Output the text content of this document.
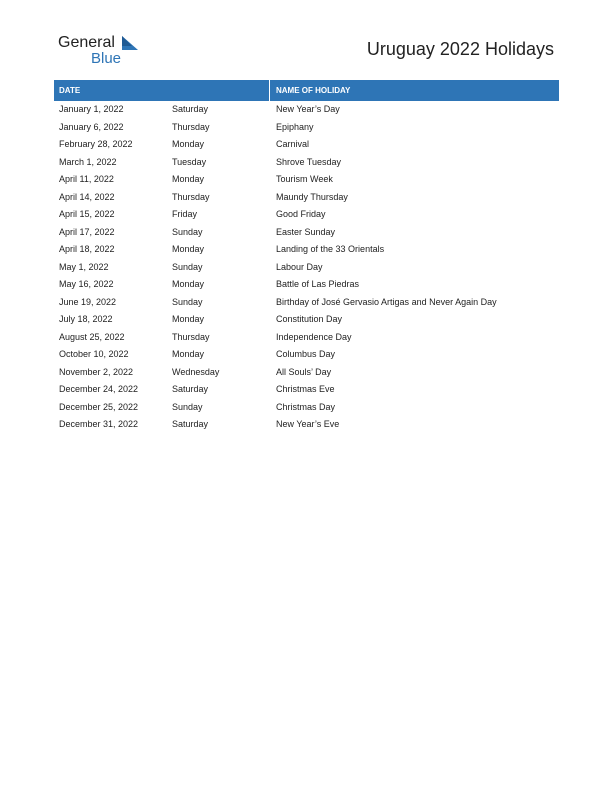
General
Blue	Uruguay 2022 Holidays
DATE	NAME OF HOLIDAY
January 1, 2022	Saturday	New Year’s Day
January 6, 2022	Thursday	Epiphany
February 28, 2022	Monday	Carnival
March 1, 2022	Tuesday	Shrove Tuesday
April 11, 2022	Monday	Tourism Week
April 14, 2022	Thursday	Maundy Thursday
April 15, 2022	Friday	Good Friday
April 17, 2022	Sunday	Easter Sunday
April 18, 2022	Monday	Landing of the 33 Orientals
May 1, 2022	Sunday	Labour Day
May 16, 2022	Monday	Battle of Las Piedras
June 19, 2022	Sunday	Birthday of José Gervasio Artigas and Never Again Day
July 18, 2022	Monday	Constitution Day
August 25, 2022	Thursday	Independence Day
October 10, 2022	Monday	Columbus Day
November 2, 2022	Wednesday	All Souls’ Day
December 24, 2022	Saturday	Christmas Eve
December 25, 2022	Sunday	Christmas Day
December 31, 2022	Saturday	New Year’s Eve
